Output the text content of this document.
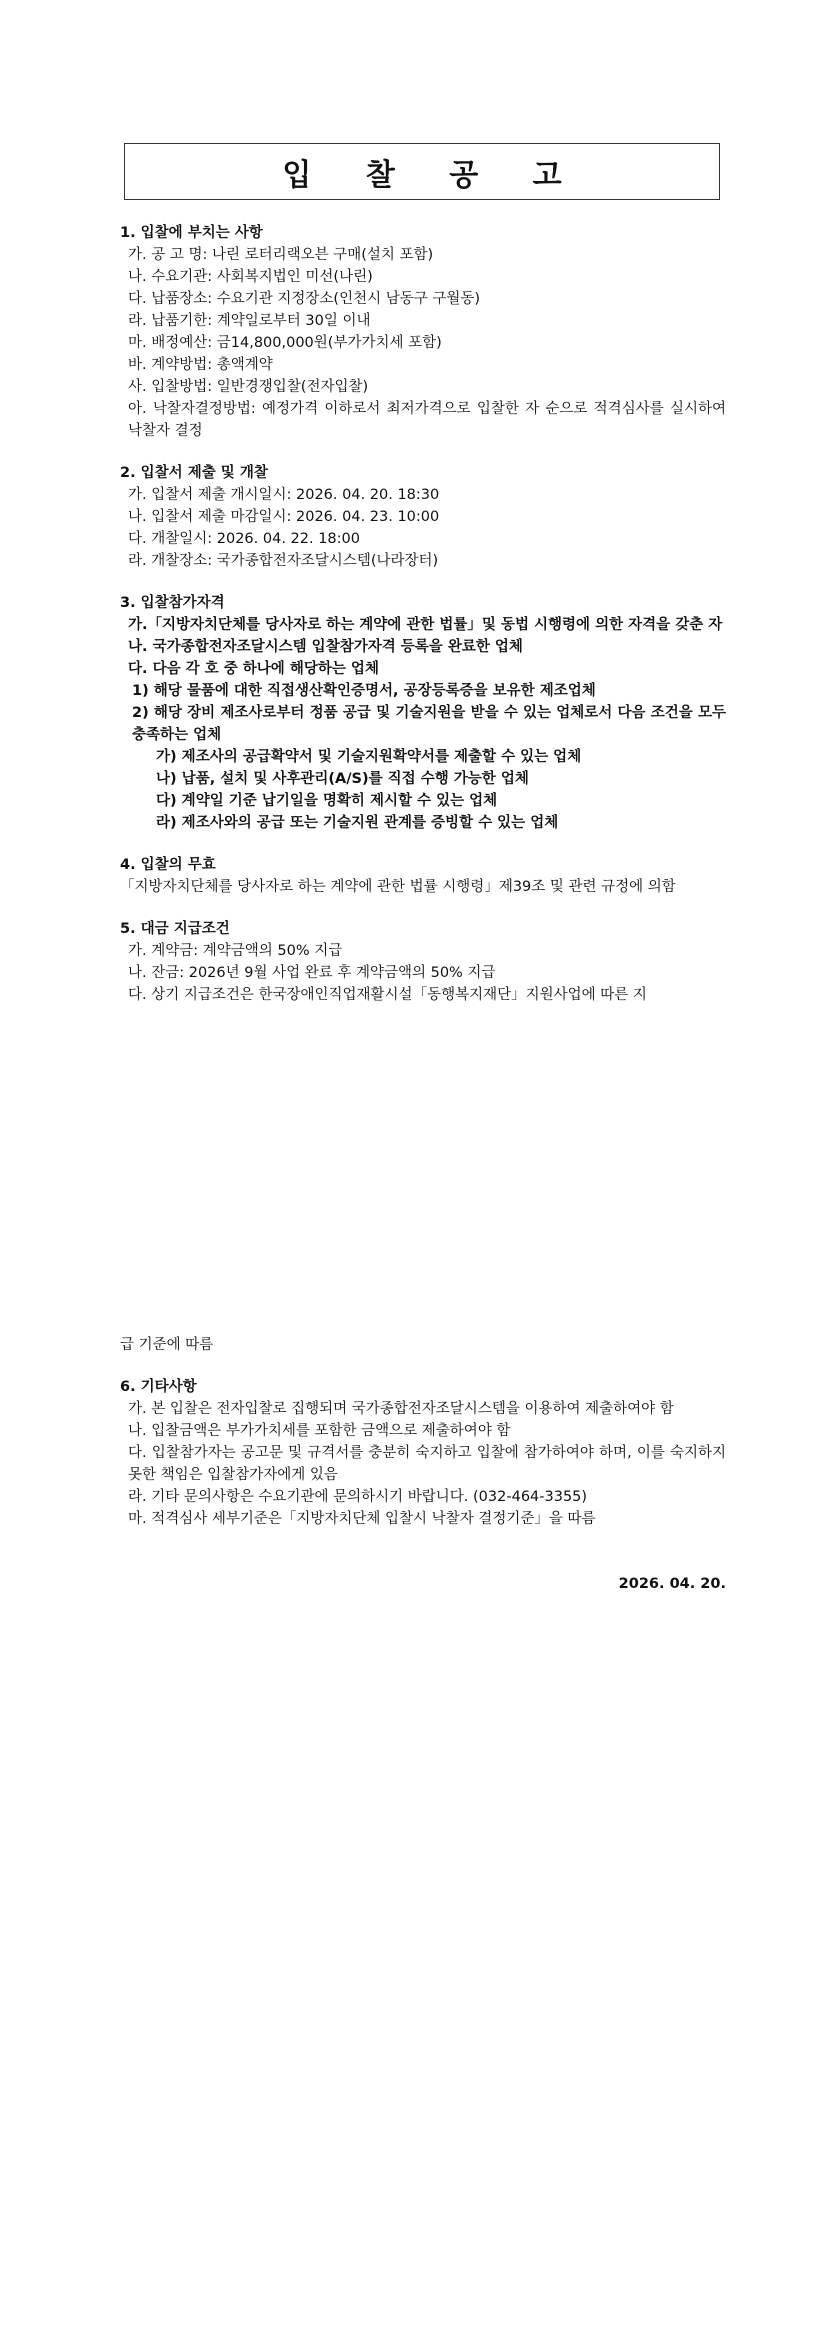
입 찰 공 고
1. 입찰에 부치는 사항

가. 공 고 명: 나린 로터리랙오븐 구매(설치 포함)

나. 수요기관: 사회복지법인 미선(나린)

다. 납품장소: 수요기관 지정장소(인천시 남동구 구월동)

라. 납품기한: 계약일로부터 30일 이내

마. 배정예산: 금14,800,000원(부가가치세 포함)

바. 계약방법: 총액계약

사. 입찰방법: 일반경쟁입찰(전자입찰)

아. 낙찰자결정방법: 예정가격 이하로서 최저가격으로 입찰한 자 순으로 적격심사를 실시하여 낙찰자 결정

2. 입찰서 제출 및 개찰

가. 입찰서 제출 개시일시: 2026. 04. 20. 18:30

나. 입찰서 제출 마감일시: 2026. 04. 23. 10:00

다. 개찰일시: 2026. 04. 22. 18:00

라. 개찰장소: 국가종합전자조달시스템(나라장터)

3. 입찰참가자격

가.「지방자치단체를 당사자로 하는 계약에 관한 법률」및 동법 시행령에 의한 자격을 갖춘 자

나. 국가종합전자조달시스템 입찰참가자격 등록을 완료한 업체

다. 다음 각 호 중 하나에 해당하는 업체

1) 해당 물품에 대한 직접생산확인증명서, 공장등록증을 보유한 제조업체

2) 해당 장비 제조사로부터 정품 공급 및 기술지원을 받을 수 있는 업체로서 다음 조건을 모두 충족하는 업체

가) 제조사의 공급확약서 및 기술지원확약서를 제출할 수 있는 업체

나) 납품, 설치 및 사후관리(A/S)를 직접 수행 가능한 업체

다) 계약일 기준 납기일을 명확히 제시할 수 있는 업체

라) 제조사와의 공급 또는 기술지원 관계를 증빙할 수 있는 업체

4. 입찰의 무효

「지방자치단체를 당사자로 하는 계약에 관한 법률 시행령」제39조 및 관련 규정에 의함

5. 대금 지급조건

가. 계약금: 계약금액의 50% 지급

나. 잔금: 2026년 9월 사업 완료 후 계약금액의 50% 지급

다. 상기 지급조건은 한국장애인직업재활시설「동행복지재단」지원사업에 따른 지

급 기준에 따름

6. 기타사항

가. 본 입찰은 전자입찰로 집행되며 국가종합전자조달시스템을 이용하여 제출하여야 함

나. 입찰금액은 부가가치세를 포함한 금액으로 제출하여야 함

다. 입찰참가자는 공고문 및 규격서를 충분히 숙지하고 입찰에 참가하여야 하며, 이를 숙지하지 못한 책임은 입찰참가자에게 있음

라. 기타 문의사항은 수요기관에 문의하시기 바랍니다. (032-464-3355)

마. 적격심사 세부기준은「지방자치단체 입찰시 낙찰자 결정기준」을 따름

2026. 04. 20.
